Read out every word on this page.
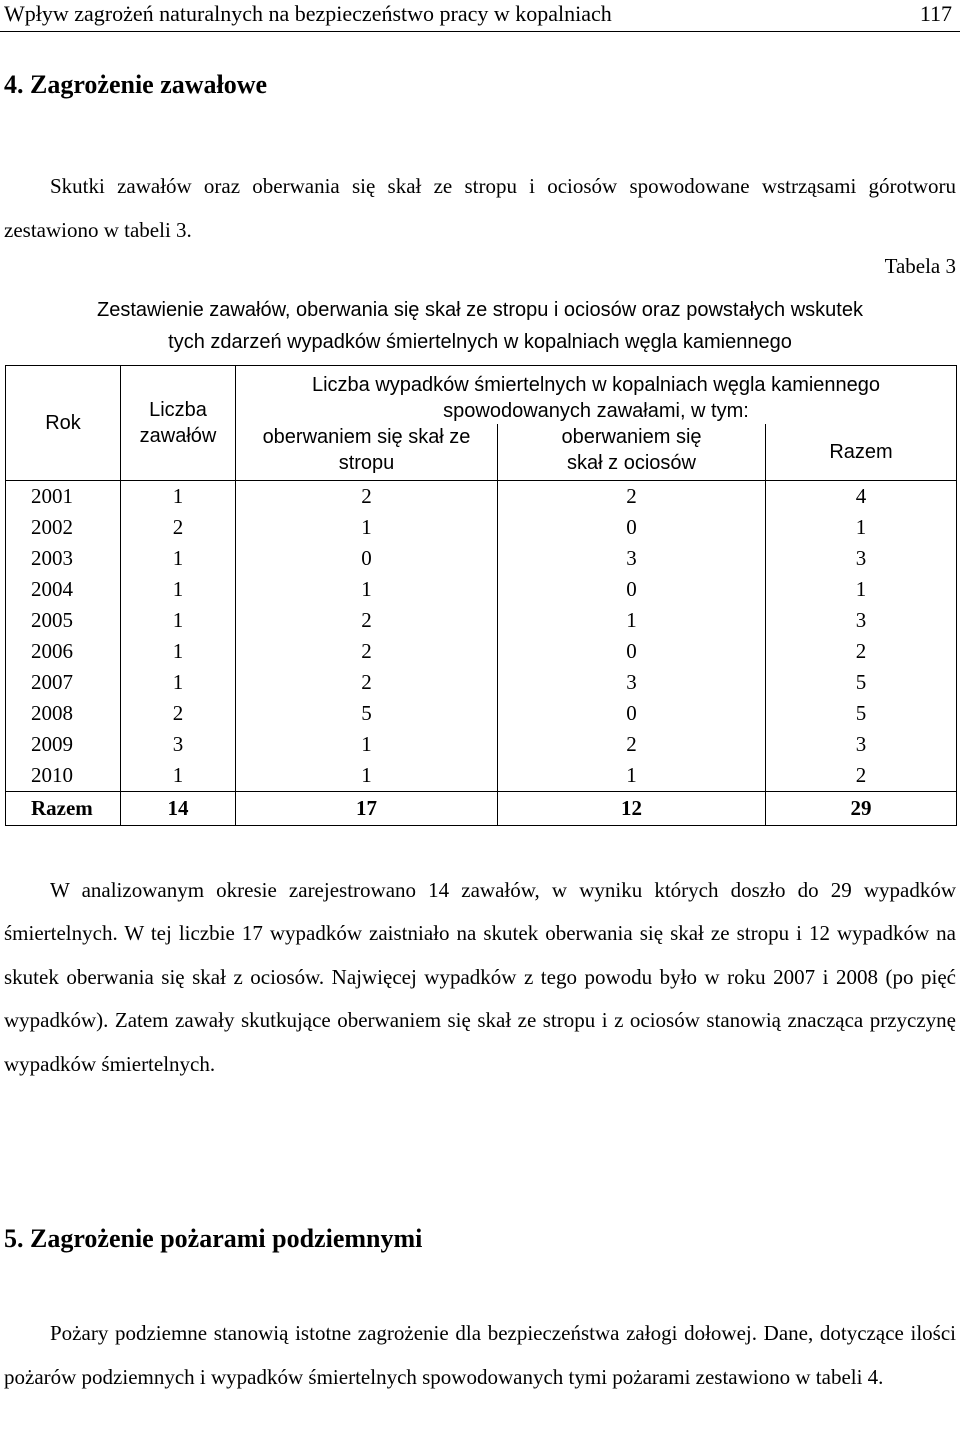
Wpływ zagrożeń naturalnych na bezpieczeństwo pracy w kopalniach	117
4. Zagrożenie zawałowe

Skutki zawałów oraz oberwania się skał ze stropu i ociosów spowodowane wstrząsami górotworu zestawiono w tabeli 3.

Tabela 3
Zestawienie zawałów, oberwania się skał ze stropu i ociosów oraz powstałych wskutek
tych zdarzeń wypadków śmiertelnych w kopalniach węgla kamiennego
Rok	Liczba zawałów	Liczba wypadków śmiertelnych w kopalniach węgla kamiennego spowodowanych zawałami, w tym:		
		oberwaniem się skał ze stropu	oberwaniem się skał z ociosów	Razem
2001	1	2	2	4
2002	2	1	0	1
2003	1	0	3	3
2004	1	1	0	1
2005	1	2	1	3
2006	1	2	0	2
2007	1	2	3	5
2008	2	5	0	5
2009	3	1	2	3
2010	1	1	1	2
Razem	14	17	12	29

W analizowanym okresie zarejestrowano 14 zawałów, w wyniku których doszło do 29 wypadków śmiertelnych. W tej liczbie 17 wypadków zaistniało na skutek oberwania się skał ze stropu i 12 wypadków na skutek oberwania się skał z ociosów. Najwięcej wypadków z tego powodu było w roku 2007 i 2008 (po pięć wypadków). Zatem zawały skutkujące oberwaniem się skał ze stropu i z ociosów stanowią znacząca przyczynę wypadków śmiertelnych.

5. Zagrożenie pożarami podziemnymi

Pożary podziemne stanowią istotne zagrożenie dla bezpieczeństwa załogi dołowej. Dane, dotyczące ilości pożarów podziemnych i wypadków śmiertelnych spowodowanych tymi pożarami zestawiono w tabeli 4.
